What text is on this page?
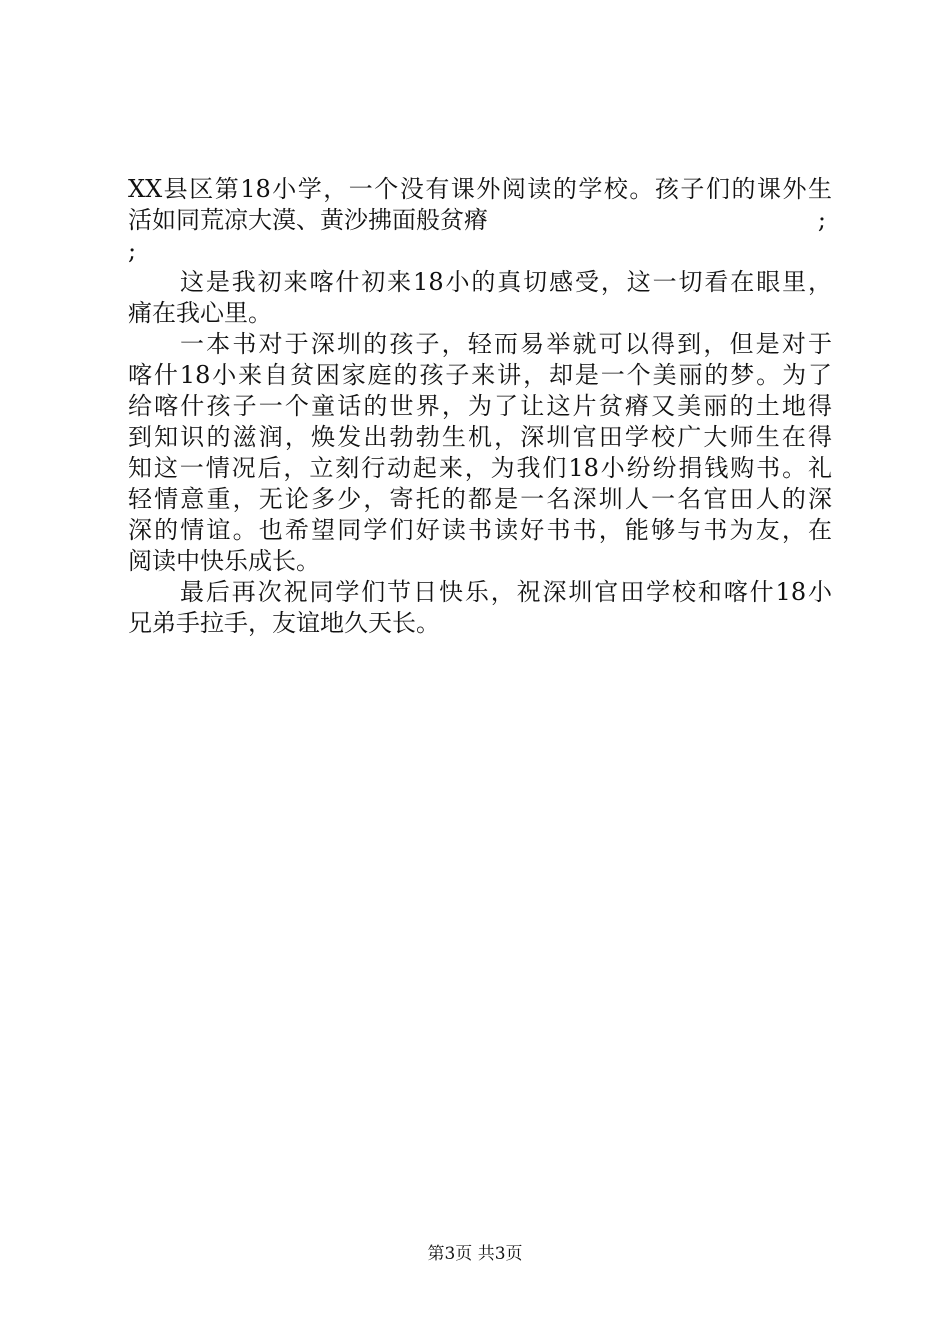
XX县区第18小学，一个没有课外阅读的学校。孩子们的课外生
活如同荒凉大漠、黄沙拂面般贫瘠	;
;
这是我初来喀什初来18小的真切感受，这一切看在眼里，
痛在我心里。
一本书对于深圳的孩子，轻而易举就可以得到，但是对于
喀什18小来自贫困家庭的孩子来讲，却是一个美丽的梦。为了
给喀什孩子一个童话的世界，为了让这片贫瘠又美丽的土地得
到知识的滋润，焕发出勃勃生机，深圳官田学校广大师生在得
知这一情况后，立刻行动起来，为我们18小纷纷捐钱购书。礼
轻情意重，无论多少，寄托的都是一名深圳人一名官田人的深
深的情谊。也希望同学们好读书读好书书，能够与书为友，在
阅读中快乐成长。
最后再次祝同学们节日快乐，祝深圳官田学校和喀什18小
兄弟手拉手，友谊地久天长。
第3页 共3页
